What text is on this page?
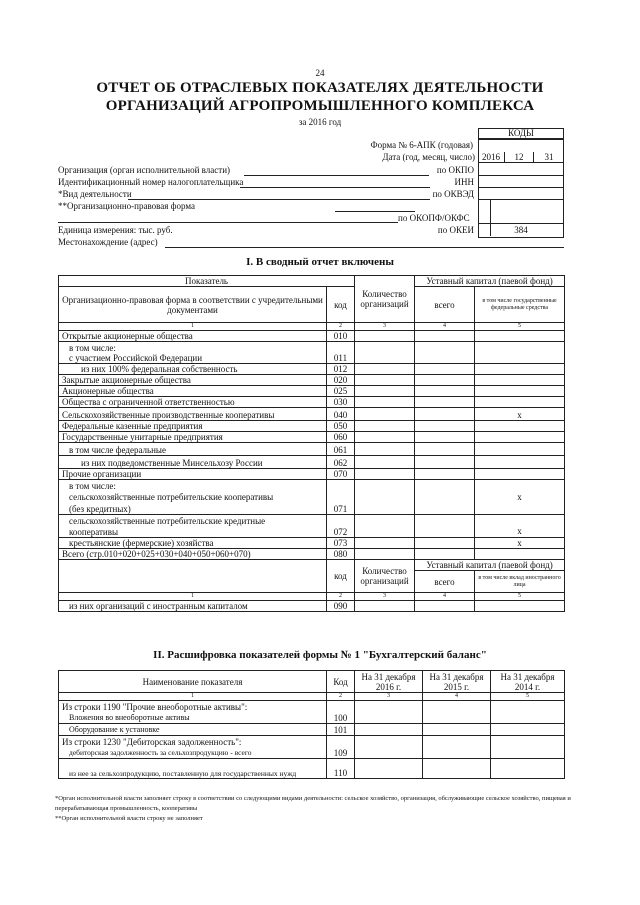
24
ОТЧЕТ ОБ ОТРАСЛЕВЫХ ПОКАЗАТЕЛЯХ ДЕЯТЕЛЬНОСТИ
ОРГАНИЗАЦИЙ АГРОПРОМЫШЛЕННОГО КОМПЛЕКСА
за 2016 год
КОДЫ
Форма № 6-АПК (годовая)
Дата (год, месяц, число) 2016	12	31
Организация (орган исполнительной власти)	по ОКПО
Идентификационный номер налогоплательщика	ИНН
*Вид деятельности	по ОКВЭД
**Организационно-правовая форма
по ОКОПФ/ОКФС
Единица измерения: тыс. руб.	по ОКЕИ	384
Местонахождение (адрес)
I. В сводный отчет включены
Показатель		Количество организаций	Уставный капитал (паевой фонд)	
Организационно-правовая форма в соответствии с учредительными документами	код		всего	в том числе государственные федеральные средства
1	2	3	4	5
Открытые акционерные общества	010			
в том числе:				
с участием Российской Федерации	011			
из них 100% федеральная собственность	012			
Закрытые акционерные общества	020			
Акционерные общества	025			
Общества с ограниченной ответственностью	030			
Сельскохозяйственные производственные кооперативы	040			x
Федеральные казенные предприятия	050			
Государственные унитарные предприятия	060			
в том числе федеральные	061			
из них подведомственные Минсельхозу России	062			
Прочие организации	070			
в том числе:				
сельскохозяйственные потребительские кооперативы				x
(без кредитных)	071			
сельскохозяйственные потребительские кредитные				
кооперативы	072			x
крестьянские (фермерские) хозяйства	073			x
Всего (стр.010+020+025+030+040+050+060+070)	080			
	код	Количество организаций	Уставный капитал (паевой фонд)	
			всего	в том числе вклад иностранного лица
1	2	3	4	5
из них организаций с иностранным капиталом	090			
II. Расшифровка показателей формы № 1 "Бухгалтерский баланс"
Наименование показателя	Код	На 31 декабря 2016 г.	На 31 декабря 2015 г.	На 31 декабря 2014 г.
1	2	3	4	5
Из строки 1190 "Прочие внеоборотные активы":				
Вложения во внеоборотные активы	100			
Оборудование к установке	101			
Из строки 1230 "Дебиторская задолженность":				
дебиторская задолженность за сельхозпродукцию - всего	109			
из нее за сельхозпродукцию, поставленную для государственных нужд	110			
*Орган исполнительной власти заполняет строку в соответствии со следующими видами деятельности: сельское хозяйство, организация, обслуживающие сельское хозяйство, пищевая и перерабатывающая промышленность, кооперативы
**Орган исполнительной власти строку не заполняет
